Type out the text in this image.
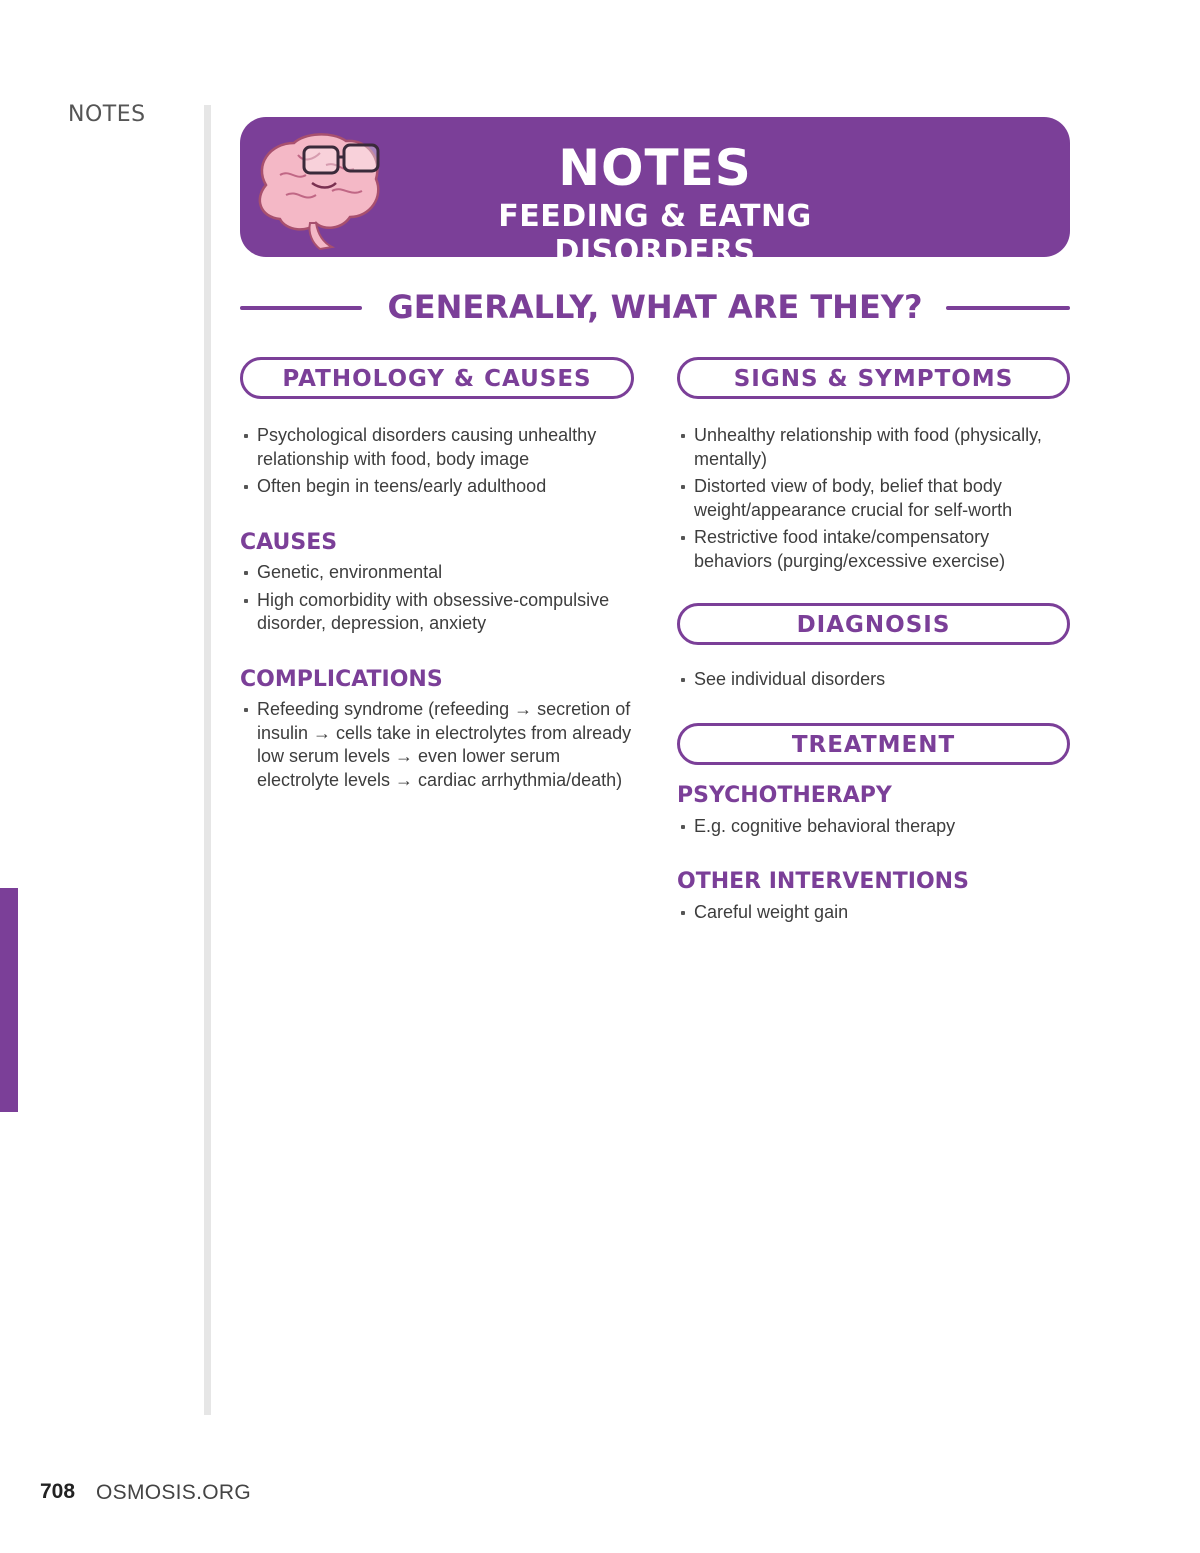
NOTES
NOTES
FEEDING & EATNG DISORDERS
GENERALLY, WHAT ARE THEY?
PATHOLOGY & CAUSES
Psychological disorders causing unhealthy relationship with food, body image
Often begin in teens/early adulthood
CAUSES
Genetic, environmental
High comorbidity with obsessive-compulsive disorder, depression, anxiety
COMPLICATIONS
Refeeding syndrome (refeeding → secretion of insulin → cells take in electrolytes from already low serum levels → even lower serum electrolyte levels → cardiac arrhythmia/death)
SIGNS & SYMPTOMS
Unhealthy relationship with food (physically, mentally)
Distorted view of body, belief that body weight/appearance crucial for self-worth
Restrictive food intake/compensatory behaviors (purging/excessive exercise)
DIAGNOSIS
See individual disorders
TREATMENT
PSYCHOTHERAPY
E.g. cognitive behavioral therapy
OTHER INTERVENTIONS
Careful weight gain
708 OSMOSIS.ORG
